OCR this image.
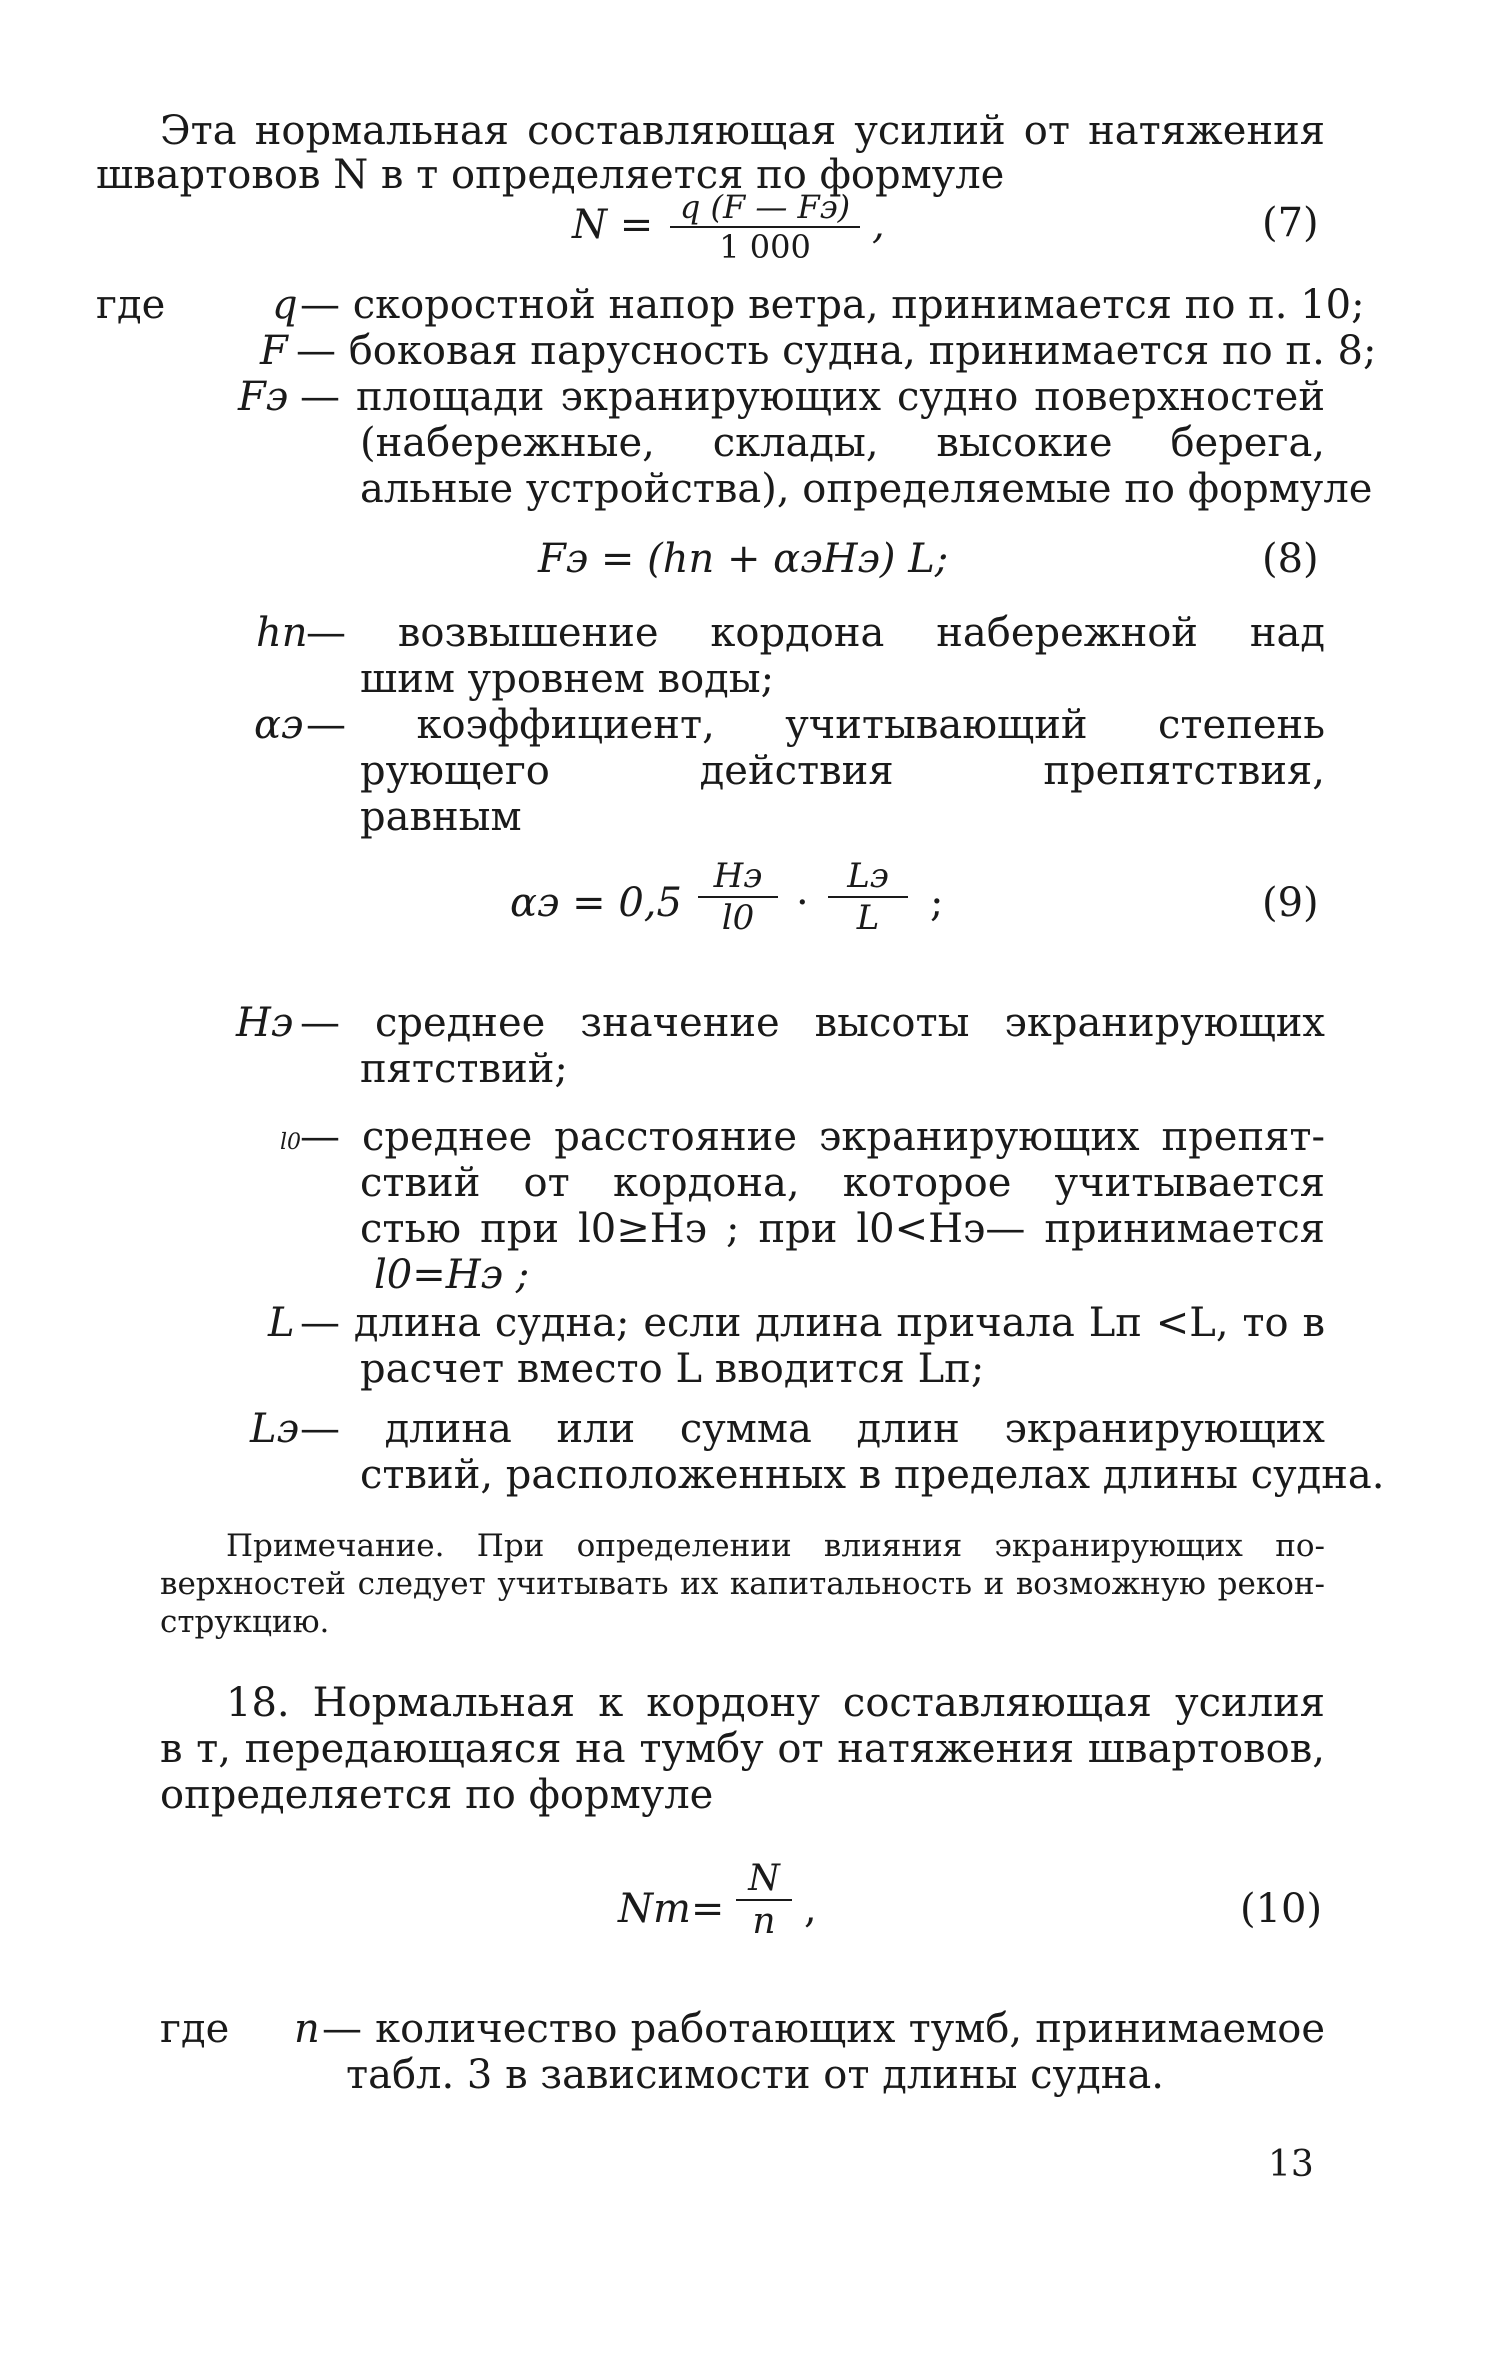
Эта нормальная составляющая усилий от натяжения
швартовов N в т определяется по формуле
N = q (F — Fэ)
1 000	,	(7)
где	q — скоростной напор ветра, принимается по п. 10;
F — боковая парусность судна, принимается по п. 8;
Fэ — площади экранирующих судно поверхностей
(набережные, склады, высокие берега,
альные устройства), определяемые по формуле
Fэ = (hп + αэHэ) L;	(8)
hп
— возвышение кордона набережной над
шим уровнем воды;
αэ — коэффициент, учитывающий степень
рующего действия препятствия,
равным
αэ = 0,5
Hэ
l0	·
Lэ
L	;	(9)
Hэ — среднее значение высоты экранирующих
пятствий;
l0
— среднее расстояние экранирующих препят-
ствий от кордона, которое учитывается
стью при l0≥Hэ ; при l0<Hэ— принимается
l0=Hэ ;
L — длина судна; если длина причала Lп <L, то в
расчет вместо L вводится Lп;
Lэ — длина или сумма длин экранирующих
ствий, расположенных в пределах длины судна.
Примечание. При определении влияния экранирующих по-
верхностей следует учитывать их капитальность и возможную рекон-
струкцию.
18. Нормальная к кордону составляющая усилия
в т, передающаяся на тумбу от натяжения швартовов,
определяется по формуле
Nm=
N
n ,	(10)
где n — количество работающих тумб, принимаемое
табл. 3 в зависимости от длины судна.
13
